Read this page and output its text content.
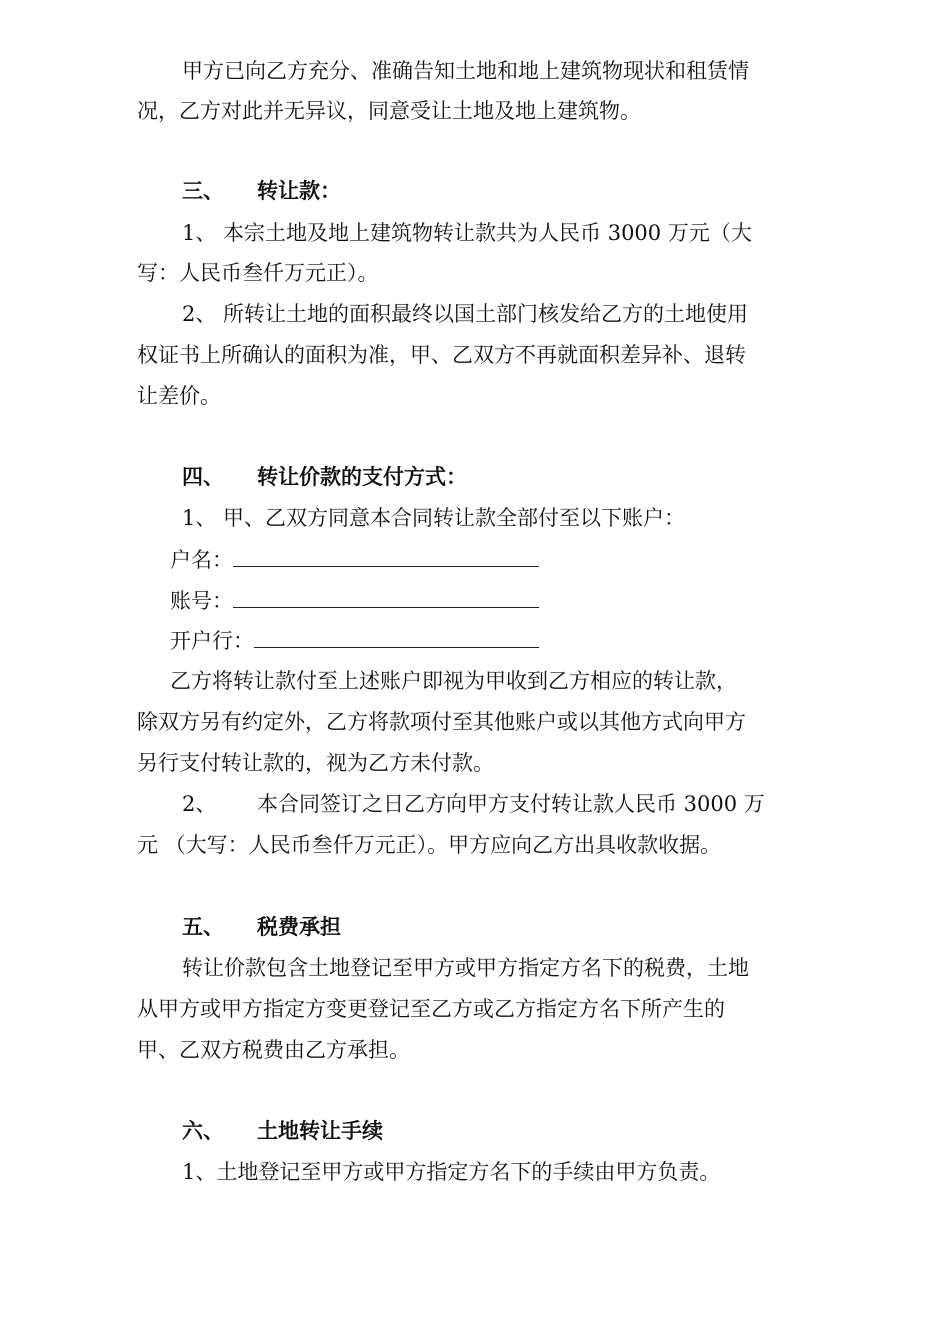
甲方已向乙方充分、准确告知土地和地上建筑物现状和租赁情
况，乙方对此并无异议，同意受让土地及地上建筑物。
三、 转让款：
1、 本宗土地及地上建筑物转让款共为人民币 3000 万元（大
写：人民币叁仟万元正）。
2、 所转让土地的面积最终以国土部门核发给乙方的土地使用
权证书上所确认的面积为准，甲、乙双方不再就面积差异补、退转
让差价。
四、 转让价款的支付方式：
1、 甲、乙双方同意本合同转让款全部付至以下账户：
户名：
账号：
开户行：
乙方将转让款付至上述账户即视为甲收到乙方相应的转让款，
除双方另有约定外，乙方将款项付至其他账户或以其他方式向甲方
另行支付转让款的，视为乙方未付款。
2、 本合同签订之日乙方向甲方支付转让款人民币 3000 万
元 （大写：人民币叁仟万元正）。甲方应向乙方出具收款收据。
五、 税费承担
转让价款包含土地登记至甲方或甲方指定方名下的税费，土地
从甲方或甲方指定方变更登记至乙方或乙方指定方名下所产生的
甲、乙双方税费由乙方承担。
六、 土地转让手续
1、土地登记至甲方或甲方指定方名下的手续由甲方负责。
